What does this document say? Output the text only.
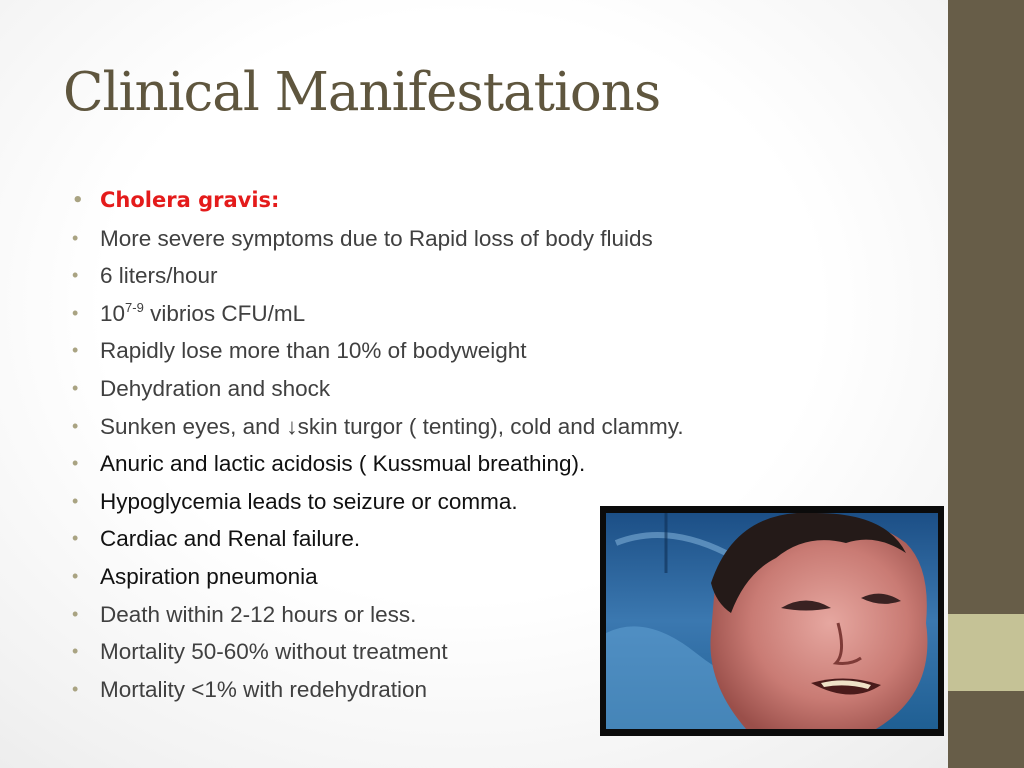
Clinical Manifestations
• Cholera gravis:
• More severe symptoms due to Rapid loss of body fluids
• 6 liters/hour
• 10$^{7-9}$ vibrios CFU/mL
• Rapidly lose more than 10% of bodyweight
• Dehydration and shock
• Sunken eyes, and ↓skin turgor ( tenting), cold and clammy.
• Anuric and lactic acidosis ( Kussmual breathing).
• Hypoglycemia leads to seizure or comma.
• Cardiac and Renal failure.
• Aspiration pneumonia
• Death within 2-12 hours or less.
• Mortality 50-60% without treatment
• Mortality <1% with redehydration
